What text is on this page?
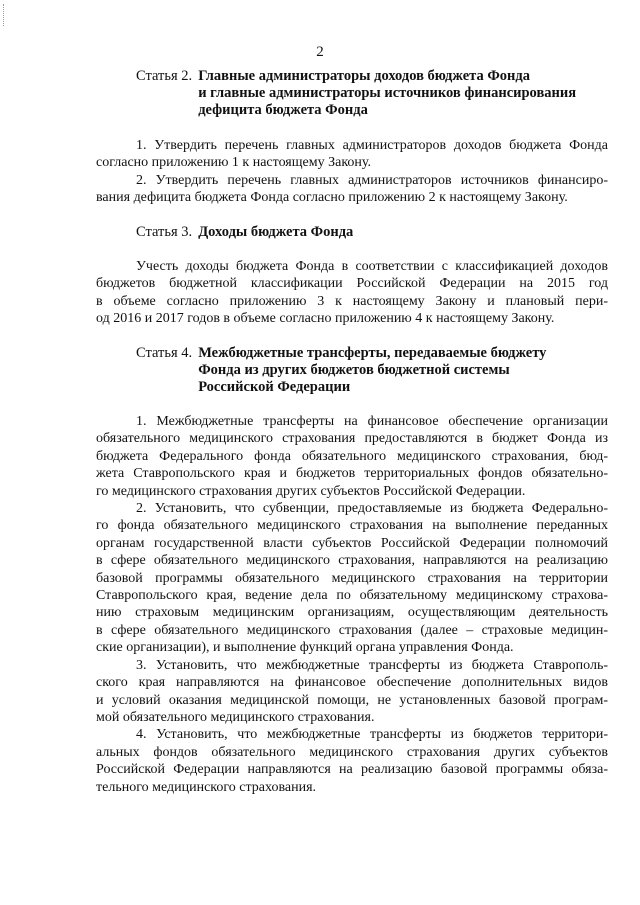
2
Статья 2. Главные администраторы доходов бюджета Фонда
и главные администраторы источников финансирования
дефицита бюджета Фонда

1. Утвердить перечень главных администраторов доходов бюджета Фонда
согласно приложению 1 к настоящему Закону.

2. Утвердить перечень главных администраторов источников финансиро-
вания дефицита бюджета Фонда согласно приложению 2 к настоящему Закону.

Статья 3. Доходы бюджета Фонда

Учесть доходы бюджета Фонда в соответствии с классификацией доходов
бюджетов бюджетной классификации Российской Федерации на 2015 год
в объеме согласно приложению 3 к настоящему Закону и плановый пери-
од 2016 и 2017 годов в объеме согласно приложению 4 к настоящему Закону.

Статья 4. Межбюджетные трансферты, передаваемые бюджету
Фонда из других бюджетов бюджетной системы
Российской Федерации

1. Межбюджетные трансферты на финансовое обеспечение организации
обязательного медицинского страхования предоставляются в бюджет Фонда из
бюджета Федерального фонда обязательного медицинского страхования, бюд-
жета Ставропольского края и бюджетов территориальных фондов обязательно-
го медицинского страхования других субъектов Российской Федерации.

2. Установить, что субвенции, предоставляемые из бюджета Федерально-
го фонда обязательного медицинского страхования на выполнение переданных
органам государственной власти субъектов Российской Федерации полномочий
в сфере обязательного медицинского страхования, направляются на реализацию
базовой программы обязательного медицинского страхования на территории
Ставропольского края, ведение дела по обязательному медицинскому страхова-
нию страховым медицинским организациям, осуществляющим деятельность
в сфере обязательного медицинского страхования (далее – страховые медицин-
ские организации), и выполнение функций органа управления Фонда.

3. Установить, что межбюджетные трансферты из бюджета Ставрополь-
ского края направляются на финансовое обеспечение дополнительных видов
и условий оказания медицинской помощи, не установленных базовой програм-
мой обязательного медицинского страхования.

4. Установить, что межбюджетные трансферты из бюджетов территори-
альных фондов обязательного медицинского страхования других субъектов
Российской Федерации направляются на реализацию базовой программы обяза-
тельного медицинского страхования.
